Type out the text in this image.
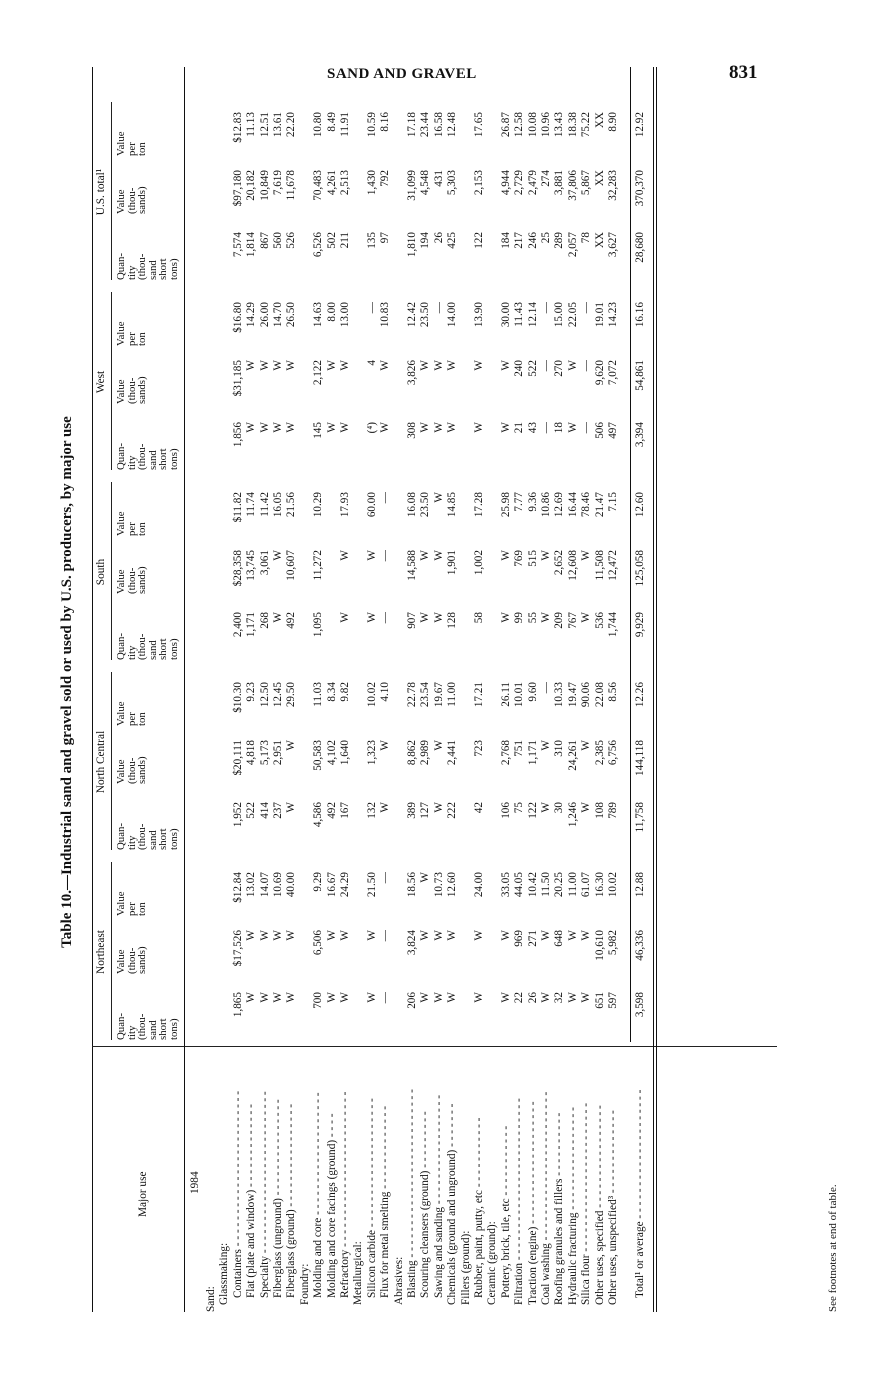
SAND AND GRAVEL	831
Table 10.—Industrial sand and gravel sold or used by U.S. producers, by major use
Northeast
North Central
South
West
U.S. total¹
Quan-
tity
(thou-
sand
short
tons)
Value
(thou-
sands)
Value
per
ton
Quan-
tity
(thou-
sand
short
tons)
Value
(thou-
sands)
Value
per
ton
Quan-
tity
(thou-
sand
short
tons)
Value
(thou-
sands)
Value
per
ton
Quan-
tity
(thou-
sand
short
tons)
Value
(thou-
sands)
Value
per
ton
Quan-
tity
(thou-
sand
short
tons)
Value
(thou-
sands)
Value
per
ton
Major use	1984
Sand: Glassmaking: Containers - - - - - - - - - - - - - - - - - - - - - - - -
1,865
$17,526
$12.84
1,952
$20,111
$10.30
2,400
$28,358
$11.82
1,856
$31,185
$16.80
7,574
$97,180
$12.83
Flat (plate and window) - - - - - - - - - - - - -
W
W
13.02
522
4,818
9.23
1,171
13,745
11.74
W
W
14.29
1,814
20,182
11.13
Specialty - - - - - - - - - - - - - - - - - - - - - - - - -
W
W
14.07
414
5,173
12.50
268
3,061
11.42
W
W
26.00
867
10,849
12.51
Fiberglass (unground) - - - - - - - - - - - - - - -
W
W
10.69
237
2,951
12.45
W
W
16.05
W
W
14.70
560
7,619
13.61
Fiberglass (ground) - - - - - - - - - - - - - - - -
W
W
40.00
W
W
29.50
492
10,607
21.56
W
W
26.50
526
11,678
22.20
Foundry: Molding and core - - - - - - - - - - - - - - - - - - -
700
6,506
9.29
4,586
50,583
11.03
1,095
11,272
10.29
145
2,122
14.63
6,526
70,483
10.80
Molding and core facings (ground) - - - -
W
W
16.67
492
4,102
8.34
W
W
8.00
502
4,261
8.49
Refractory - - - - - - - - - - - - - - - - - - - - - - - -
W
W
24.29
167
1,640
9.82
W
W
17.93
W
W
13.00
211
2,513
11.91
Metallurgical: Silicon carbide - - - - - - - - - - - - - - - - - - - -
W
W
21.50
132
1,323
10.02
W
W
60.00
(⁴)
4
—
135
1,430
10.59
Flux for metal smelting - - - - - - - - - - - - -
—
—
—
W
W
4.10
—
—
—
W
W
10.83
97
792
8.16
Abrasives: Blasting - - - - - - - - - - - - - - - - - - - - - - - - - -
206
3,824
18.56
389
8,862
22.78
907
14,588
16.08
308
3,826
12.42
1,810
31,099
17.18
Scouring cleansers (ground) - - - - - - - - -
W
W
W
127
2,989
23.54
W
W
23.50
W
W
23.50
194
4,548
23.44
Sawing and sanding - - - - - - - - - - - - - - - - -
W
W
10.73
W
W
19.67
W
W
W
W
W
—
26
431
16.58
Chemicals (ground and unground) - - - - - - -
W
W
12.60
222
2,441
11.00
128
1,901
14.85
W
W
14.00
425
5,303
12.48
Fillers (ground): Rubber, paint, putty, etc - - - - - - - - - - -
W
W
24.00
42
723
17.21
58
1,002
17.28
W
W
13.90
122
2,153
17.65
Ceramic (ground): Pottery, brick, tile, etc - - - - - - - - - - -
W
W
33.05
106
2,768
26.11
W
W
25.98
W
W
30.00
184
4,944
26.87
Filtration - - - - - - - - - - - - - - - - - - - - - - - - -
22
969
44.05
75
751
10.01
99
769
7.77
21
240
11.43
217
2,729
12.58
Traction (engine) - - - - - - - - - - - - - - - - - - -
26
271
10.42
122
1,171
9.60
55
515
9.36
43
522
12.14
246
2,479
10.08
Coal washing - - - - - - - - - - - - - - - - - - - - - - -
W
W
11.50
W
W
—
W
W
10.86
—
—
—
25
274
10.96
Roofing granules and fillers - - - - - - - - - -
32
648
20.25
30
310
10.33
209
2,652
12.69
18
270
15.00
289
3,881
13.43
Hydraulic fracturing - - - - - - - - - - - - - - - -
W
W
11.00
1,246
24,261
19.47
767
12,608
16.44
W
W
22.05
2,057
37,806
18.38
Silica flour - - - - - - - - - - - - - - - - - - - - - - -
W
W
61.07
W
W
90.06
W
W
78.46
—
—
—
78
5,867
75.22
Other uses, specified - - - - - - - - - - - - - - - -
651
10,610
16.30
108
2,385
22.08
536
11,508
21.47
506
9,620
19.01
XX
XX
XX
Other uses, unspecified³ - - - - - - - - - - - - -
597
5,982
10.02
789
6,756
8.56
1,744
12,472
7.15
497
7,072
14.23
3,627
32,283
8.90
Total¹ or average - - - - - - - - - - - - - - - - - - - -
3,598
46,336
12.88
11,758
144,118
12.26
9,929
125,058
12.60
3,394
54,861
16.16
28,680
370,370
12.92
See footnotes at end of table.
